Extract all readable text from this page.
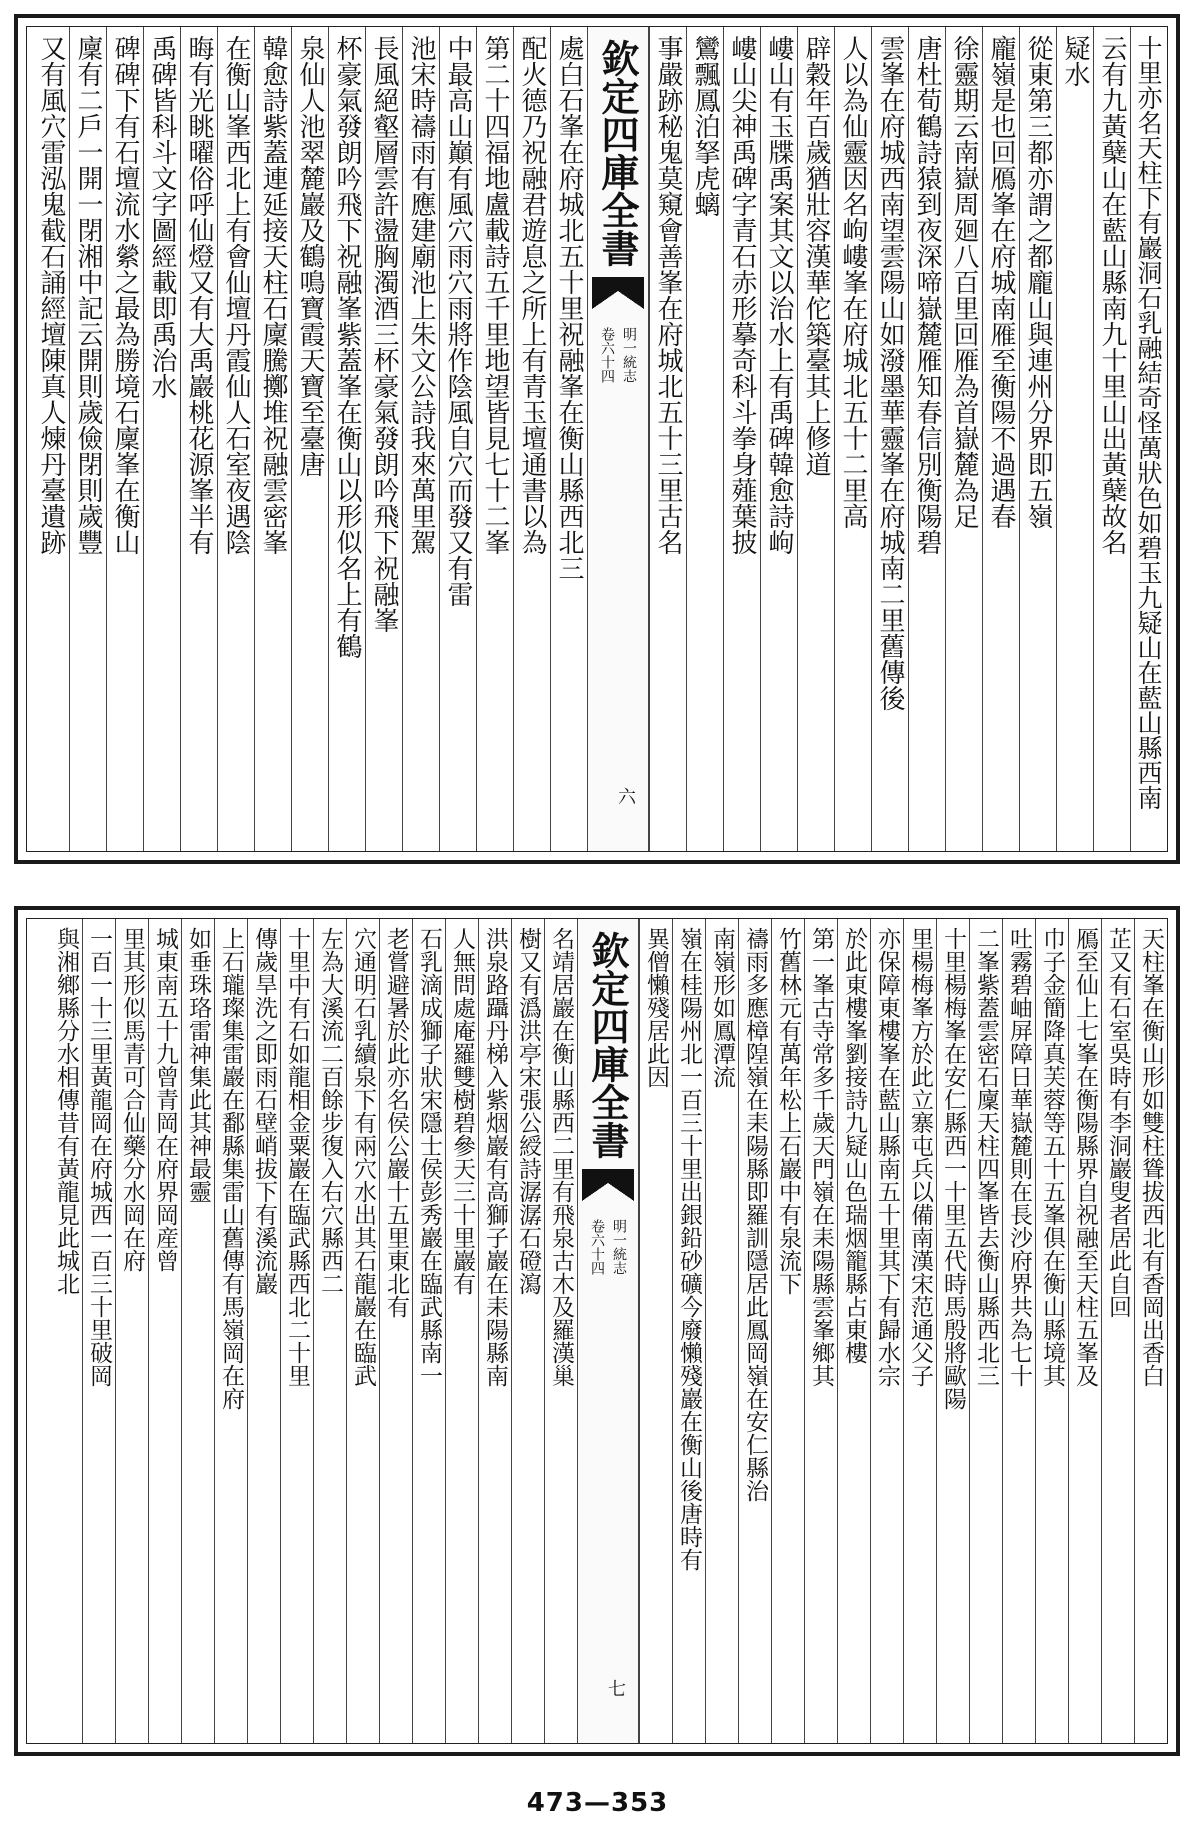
十里亦名天柱下有巖洞石乳融結奇怪萬狀色如碧玉九疑山在藍山縣西南
云有九黃蘖山在藍山縣南九十里山出黃蘖故名
疑水
從東第三都亦謂之都龐山與連州分界即五嶺
龐嶺是也回鴈峯在府城南雁至衡陽不過遇春
徐靈期云南嶽周廻八百里回雁為首嶽麓為足
唐杜荀鶴詩猿到夜深啼嶽麓雁知春信別衡陽碧
雲峯在府城西南望雲陽山如潑墨華靈峯在府城南二里舊傳後
人以為仙靈因名岣嶁峯在府城北五十二里高
辟穀年百歲猶壯容漢華佗築臺其上修道
嶁山有玉牒禹案其文以治水上有禹碑韓愈詩岣
嶁山尖神禹碑字青石赤形摹奇科斗拳身薤葉披
鸞飄鳳泊拏虎螭
事嚴跡秘鬼莫窺會善峯在府城北五十三里古名
欽定四庫全書
明一統志
卷六十四
六
處白石峯在府城北五十里祝融峯在衡山縣西北三
配火德乃祝融君遊息之所上有青玉壇通書以為
第二十四福地盧載詩五千里地望皆見七十二峯
中最高山巔有風穴雨穴雨將作陰風自穴而發又有雷
池宋時禱雨有應建廟池上朱文公詩我來萬里駕
長風絕壑層雲許盪胸濁酒三杯豪氣發朗吟飛下祝融峯
杯豪氣發朗吟飛下祝融峯紫蓋峯在衡山以形似名上有鶴
泉仙人池翠麓巖及鶴鳴寶霞天寶至臺唐
韓愈詩紫蓋連延接天柱石廩騰擲堆祝融雲密峯
在衡山峯西北上有會仙壇丹霞仙人石室夜遇陰
晦有光眺曜俗呼仙燈又有大禹巖桃花源峯半有
禹碑皆科斗文字圖經載即禹治水
碑碑下有石壇流水縈之最為勝境石廩峯在衡山
廩有二戶一開一閉湘中記云開則歲儉閉則歲豐
又有風穴雷泓鬼截石誦經壇陳真人煉丹臺遺跡
天柱峯在衡山形如雙柱聳拔西北有香岡出香白
芷又有石室吳時有李洞巖叟者居此自回
鴈至仙上七峯在衡陽縣界自祝融至天柱五峯及
巾子金簡降真芙蓉等五十五峯俱在衡山縣境其
吐霧碧岫屏障日華嶽麓則在長沙府界共為七十
二峯紫蓋雲密石廩天柱四峯皆去衡山縣西北三
十里楊梅峯在安仁縣西一十里五代時馬殷將歐陽
里楊梅峯方於此立寨屯兵以備南漢宋范通父子
亦保障東樓峯在藍山縣南五十里其下有歸水宗
於此東樓峯劉接詩九疑山色瑞烟籠縣占東樓
第一峯古寺常多千歲天門嶺在耒陽縣雲峯鄉其
竹舊林元有萬年松上石巖中有泉流下
禱雨多應樟隍嶺在耒陽縣即羅訓隱居此鳳岡嶺在安仁縣治
南嶺形如鳳潭流
嶺在桂陽州北一百三十里出銀鉛砂礦今廢懶殘巖在衡山後唐時有
異僧懶殘居此因
欽定四庫全書
明一統志
卷六十四
七
名靖居巖在衡山縣西二里有飛泉古木及羅漢巢
樹又有潙洪亭宋張公綬詩潺潺石磴瀉
洪泉路躡丹梯入紫烟巖有高獅子巖在耒陽縣南
人無問處庵羅雙樹碧參天三十里巖有
石乳滴成獅子狀宋隱士侯彭秀巖在臨武縣南一
老嘗避暑於此亦名侯公巖十五里東北有
穴通明石乳續泉下有兩穴水出其石龍巖在臨武
左為大溪流二百餘步復入右穴縣西二
十里中有石如龍相金粟巖在臨武縣西北二十里
傳歲旱洗之即雨石壁峭拔下有溪流巖
上石瓏璨集雷巖在鄱縣集雷山舊傳有馬嶺岡在府
如垂珠珞雷神集此其神最靈
城東南五十九曾青岡在府界岡産曾
里其形似馬青可合仙藥分水岡在府
一百一十三里黃龍岡在府城西一百三十里破岡
與湘鄉縣分水相傳昔有黃龍見此城北
473—353
